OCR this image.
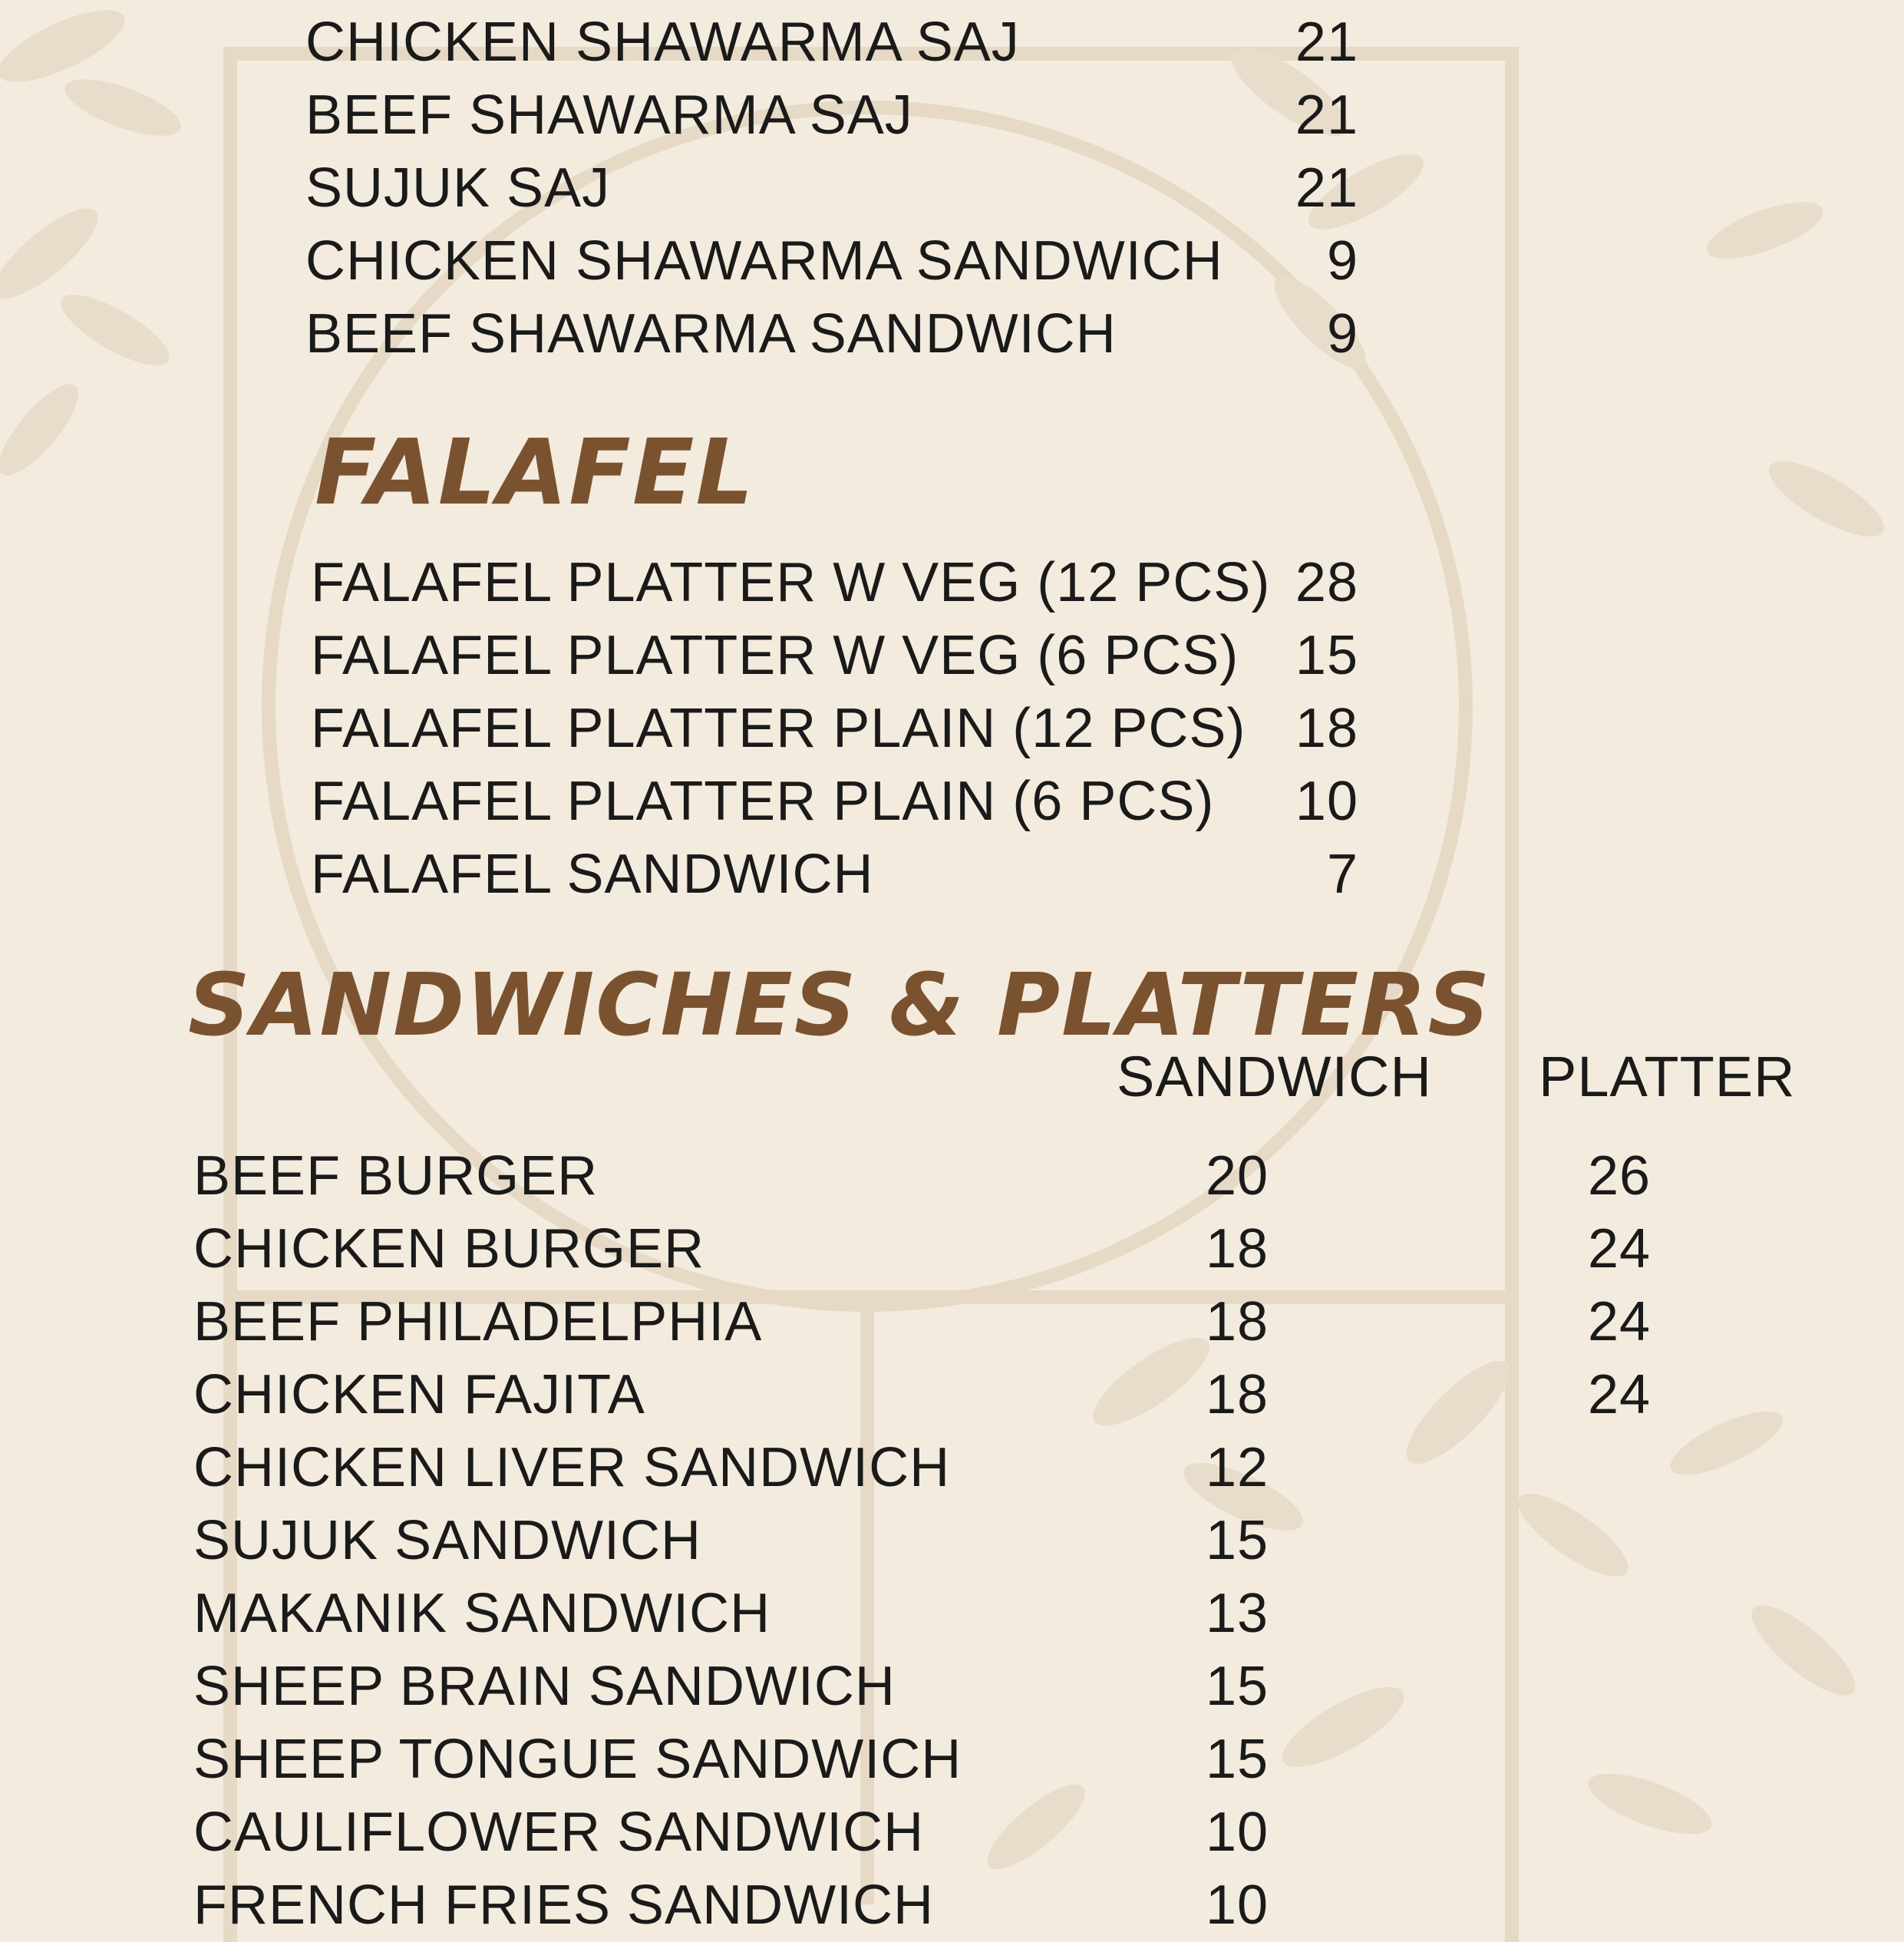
CHICKEN SHAWARMA SAJ	21
BEEF SHAWARMA SAJ	21
SUJUK SAJ	21
CHICKEN SHAWARMA SANDWICH	9
BEEF SHAWARMA SANDWICH	9
FALAFEL
FALAFEL PLATTER W VEG (12 PCS) 28
FALAFEL PLATTER W VEG (6 PCS)	15
FALAFEL PLATTER PLAIN (12 PCS) 18
FALAFEL PLATTER PLAIN (6 PCS)	10
FALAFEL SANDWICH	7
SANDWICHES & PLATTERS
SANDWICH PLATTER
BEEF BURGER	20	26
CHICKEN BURGER	18	24
BEEF PHILADELPHIA	18	24
CHICKEN FAJITA	18	24
CHICKEN LIVER SANDWICH	12
SUJUK SANDWICH	15
MAKANIK SANDWICH	13
SHEEP BRAIN SANDWICH	15
SHEEP TONGUE SANDWICH	15
CAULIFLOWER SANDWICH	10
FRENCH FRIES SANDWICH	10
